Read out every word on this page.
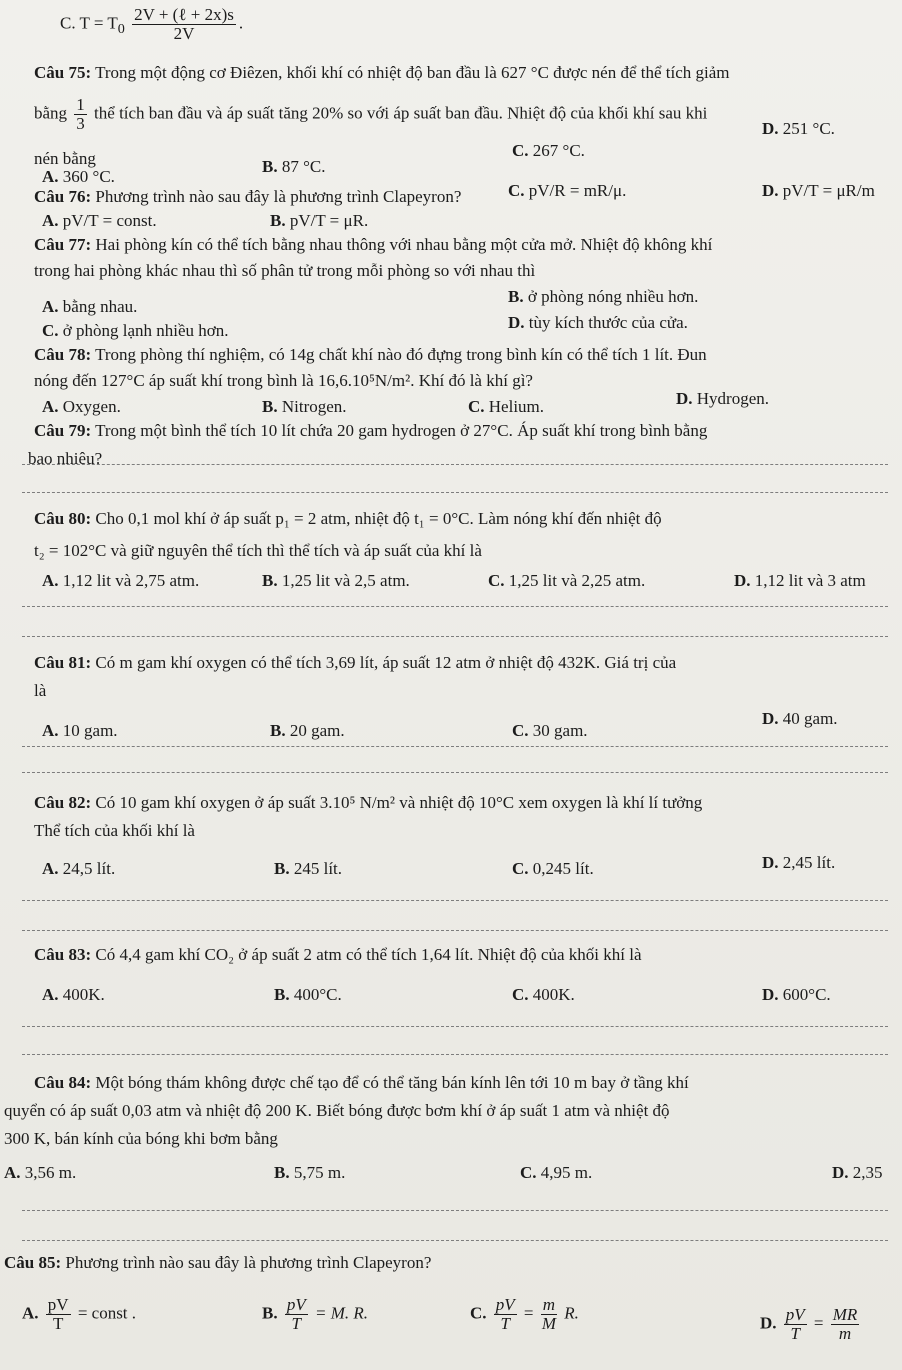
C. $T = T_0 \frac{\text{2V + (ℓ + 2x)s}}{2V}$ .
Câu 75: Trong một động cơ Điêzen, khối khí có nhiệt độ ban đầu là 627 °C được nén để thể tích giảm
bằng $\frac{1}{3}$ thể tích ban đầu và áp suất tăng 20% so với áp suất ban đầu. Nhiệt độ của khối khí sau khi
D. 251 °C.
C. 267 °C.
nén bằng
A. 360 °C.
B. 87 °C.
Câu 76: Phương trình nào sau đây là phương trình Clapeyron?	C. pV/R = mR/μ.	D. pV/T = μR/m
A. pV/T = const.	B. pV/T = μR.
Câu 77: Hai phòng kín có thể tích bằng nhau thông với nhau bằng một cửa mở. Nhiệt độ không khí
trong hai phòng khác nhau thì số phân tử trong mỗi phòng so với nhau thì
B. ở phòng nóng nhiều hơn.
A. bằng nhau.
D. tùy kích thước của cửa.
C. ở phòng lạnh nhiều hơn.
Câu 78: Trong phòng thí nghiệm, có 14g chất khí nào đó đựng trong bình kín có thể tích 1 lít. Đun
nóng đến 127°C áp suất khí trong bình là 16,6.10⁵N/m². Khí đó là khí gì?
A. Oxygen.	B. Nitrogen.	C. Helium.	D. Hydrogen.
Câu 79: Trong một bình thể tích 10 lít chứa 20 gam hydrogen ở 27°C. Áp suất khí trong bình bằng
bao nhiêu?
Câu 80: Cho 0,1 mol khí ở áp suất p₁ = 2 atm, nhiệt độ t₁ = 0°C. Làm nóng khí đến nhiệt độ
t₂ = 102°C và giữ nguyên thể tích thì thể tích và áp suất của khí là
A. 1,12 lit và 2,75 atm.	B. 1,25 lit và 2,5 atm.	C. 1,25 lit và 2,25 atm.	D. 1,12 lit và 3 atm
Câu 81: Có m gam khí oxygen có thể tích 3,69 lít, áp suất 12 atm ở nhiệt độ 432K. Giá trị của
là
A. 10 gam.	B. 20 gam.	C. 30 gam.
D. 40 gam.
Câu 82: Có 10 gam khí oxygen ở áp suất 3.10⁵ N/m² và nhiệt độ 10°C xem oxygen là khí lí tưởng
Thể tích của khối khí là
A. 24,5 lít.	B. 245 lít.	C. 0,245 lít.	D. 2,45 lít.
Câu 83: Có 4,4 gam khí CO₂ ở áp suất 2 atm có thể tích 1,64 lít. Nhiệt độ của khối khí là
A. 400K.	B. 400°C.	C. 400K.	D. 600°C.
Câu 84: Một bóng thám không được chế tạo để có thể tăng bán kính lên tới 10 m bay ở tầng khí
quyển có áp suất 0,03 atm và nhiệt độ 200 K. Biết bóng được bơm khí ở áp suất 1 atm và nhiệt độ
300 K, bán kính của bóng khi bơm bằng
A. 3,56 m.	B. 5,75 m.	C. 4,95 m.	D. 2,35
Câu 85: Phương trình nào sau đây là phương trình Clapeyron?
A. $\frac{pV}{T}$ = const .	B. $\frac{pV}{T} = M$. R.	C. $\frac{pV}{T} = \frac{m}{M} R$.
D. $\frac{pV}{T} = \frac{MR}{m}$
